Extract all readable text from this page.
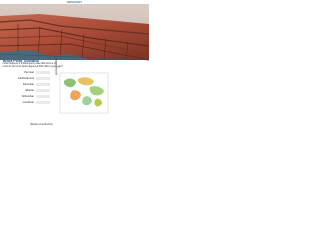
GEOLOGY
Brora Point, Scotland
• what happens if a Marsupium plate falls from a -8?
• how do we know what happened 300 million years ago?
Permian
Carboniferous
Devonian
Silurian
Ordovician
Cambrian
geological time
(Depth of sediment)
